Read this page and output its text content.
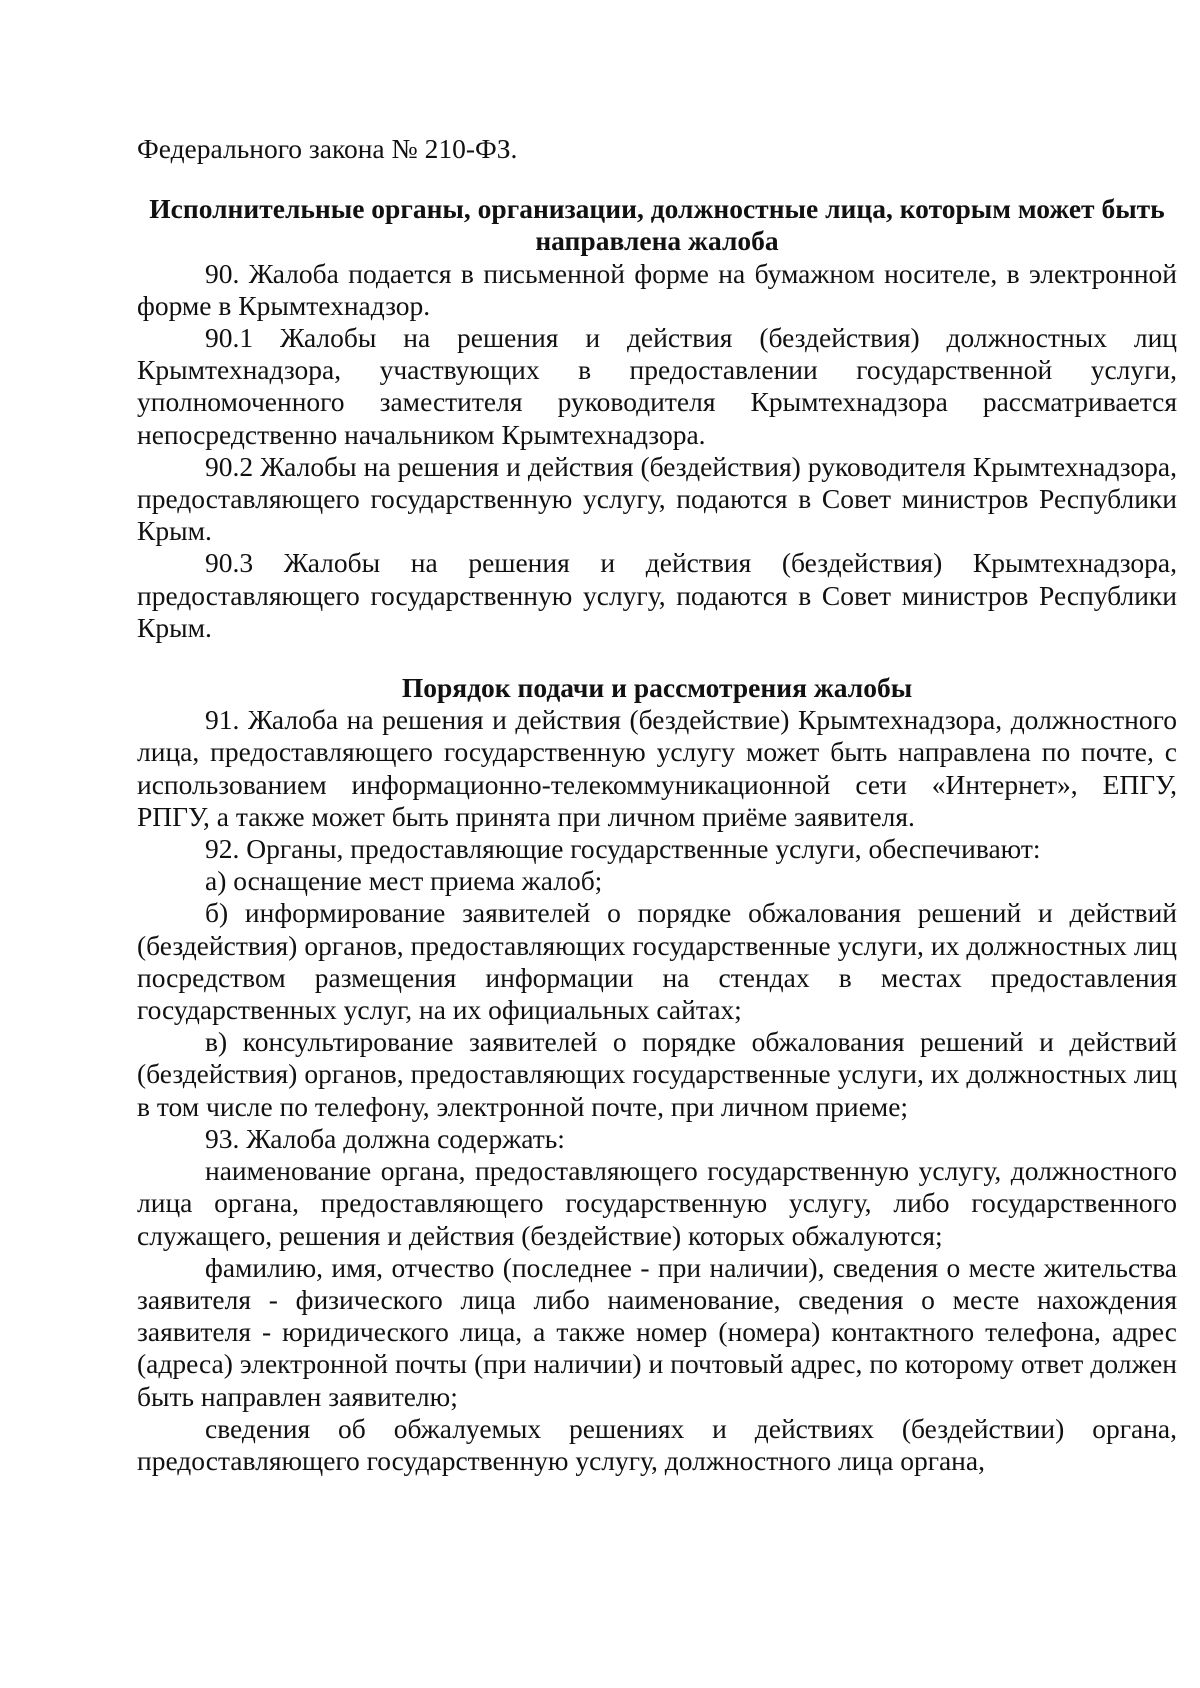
Федерального закона № 210-ФЗ.

Исполнительные органы, организации, должностные лица, которым может быть направлена жалоба

90. Жалоба подается в письменной форме на бумажном носителе, в электронной форме в Крымтехнадзор.

90.1 Жалобы на решения и действия (бездействия) должностных лиц Крымтехнадзора, участвующих в предоставлении государственной услуги, уполномоченного заместителя руководителя Крымтехнадзора рассматривается непосредственно начальником Крымтехнадзора.

90.2 Жалобы на решения и действия (бездействия) руководителя Крымтехнадзора, предоставляющего государственную услугу, подаются в Совет министров Республики Крым.

90.3 Жалобы на решения и действия (бездействия) Крымтехнадзора, предоставляющего государственную услугу, подаются в Совет министров Республики Крым.

Порядок подачи и рассмотрения жалобы

91. Жалоба на решения и действия (бездействие) Крымтехнадзора, должностного лица, предоставляющего государственную услугу может быть направлена по почте, с использованием информационно-телекоммуникационной сети «Интернет», ЕПГУ, РПГУ, а также может быть принята при личном приёме заявителя.

92. Органы, предоставляющие государственные услуги, обеспечивают:

а) оснащение мест приема жалоб;

б) информирование заявителей о порядке обжалования решений и действий (бездействия) органов, предоставляющих государственные услуги, их должностных лиц посредством размещения информации на стендах в местах предоставления государственных услуг, на их официальных сайтах;

в) консультирование заявителей о порядке обжалования решений и действий (бездействия) органов, предоставляющих государственные услуги, их должностных лиц в том числе по телефону, электронной почте, при личном приеме;

93. Жалоба должна содержать:

наименование органа, предоставляющего государственную услугу, должностного лица органа, предоставляющего государственную услугу, либо государственного служащего, решения и действия (бездействие) которых обжалуются;

фамилию, имя, отчество (последнее - при наличии), сведения о месте жительства заявителя - физического лица либо наименование, сведения о месте нахождения заявителя - юридического лица, а также номер (номера) контактного телефона, адрес (адреса) электронной почты (при наличии) и почтовый адрес, по которому ответ должен быть направлен заявителю;

сведения об обжалуемых решениях и действиях (бездействии) органа, предоставляющего государственную услугу, должностного лица органа,
